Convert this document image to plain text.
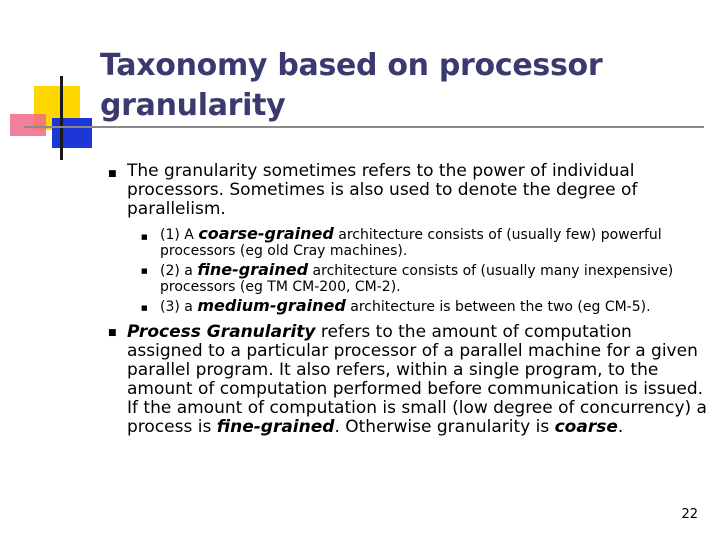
Taxonomy based on processor
granularity
■ The granularity sometimes refers to the power of individual processors. Sometimes is also used to denote the degree of parallelism.
■ (1) A coarse-grained architecture consists of (usually few) powerful processors (eg old Cray machines).
■ (2) a fine-grained architecture consists of (usually many inexpensive) processors (eg TM CM-200, CM-2).
■ (3) a medium-grained architecture is between the two (eg CM-5).
■ Process Granularity refers to the amount of computation assigned to a particular processor of a parallel machine for a given parallel program. It also refers, within a single program, to the amount of computation performed before communication is issued. If the amount of computation is small (low degree of concurrency) a process is fine-grained. Otherwise granularity is coarse.
22
